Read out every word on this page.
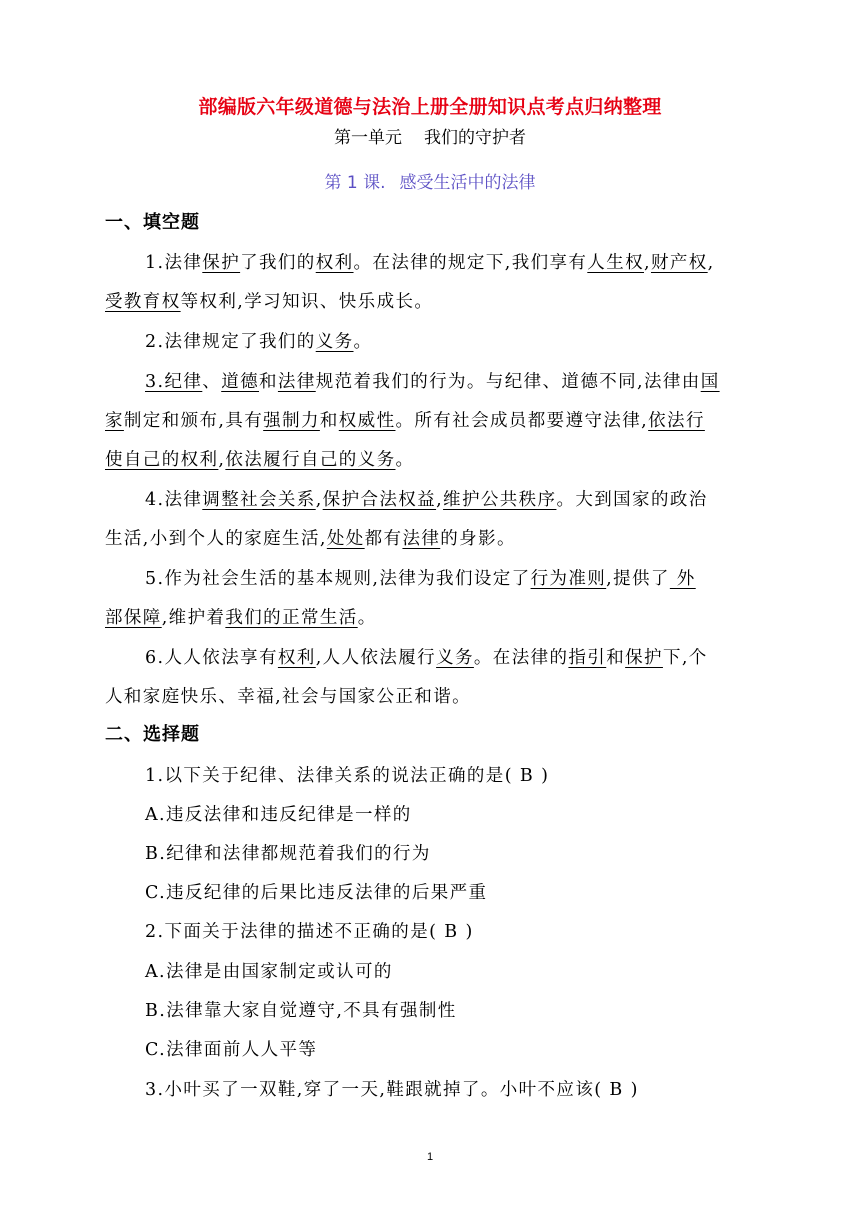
部编版六年级道德与法治上册全册知识点考点归纳整理
第一单元 我们的守护者
第 1 课. 感受生活中的法律
一、填空题
1.法律保护了我们的权利。在法律的规定下,我们享有人生权,财产权,
受教育权等权利,学习知识、快乐成长。
2.法律规定了我们的义务。
3.纪律、道德和法律规范着我们的行为。与纪律、道德不同,法律由国
家制定和颁布,具有强制力和权威性。所有社会成员都要遵守法律,依法行
使自己的权利,依法履行自己的义务。
4.法律调整社会关系,保护合法权益,维护公共秩序。大到国家的政治
生活,小到个人的家庭生活,处处都有法律的身影。
5.作为社会生活的基本规则,法律为我们设定了行为准则,提供了 外
部保障,维护着我们的正常生活。
6.人人依法享有权利,人人依法履行义务。在法律的指引和保护下,个
人和家庭快乐、幸福,社会与国家公正和谐。
二、选择题
1.以下关于纪律、法律关系的说法正确的是( B )
A.违反法律和违反纪律是一样的
B.纪律和法律都规范着我们的行为
C.违反纪律的后果比违反法律的后果严重
2.下面关于法律的描述不正确的是( B )
A.法律是由国家制定或认可的
B.法律靠大家自觉遵守,不具有强制性
C.法律面前人人平等
3.小叶买了一双鞋,穿了一天,鞋跟就掉了。小叶不应该( B )
1
